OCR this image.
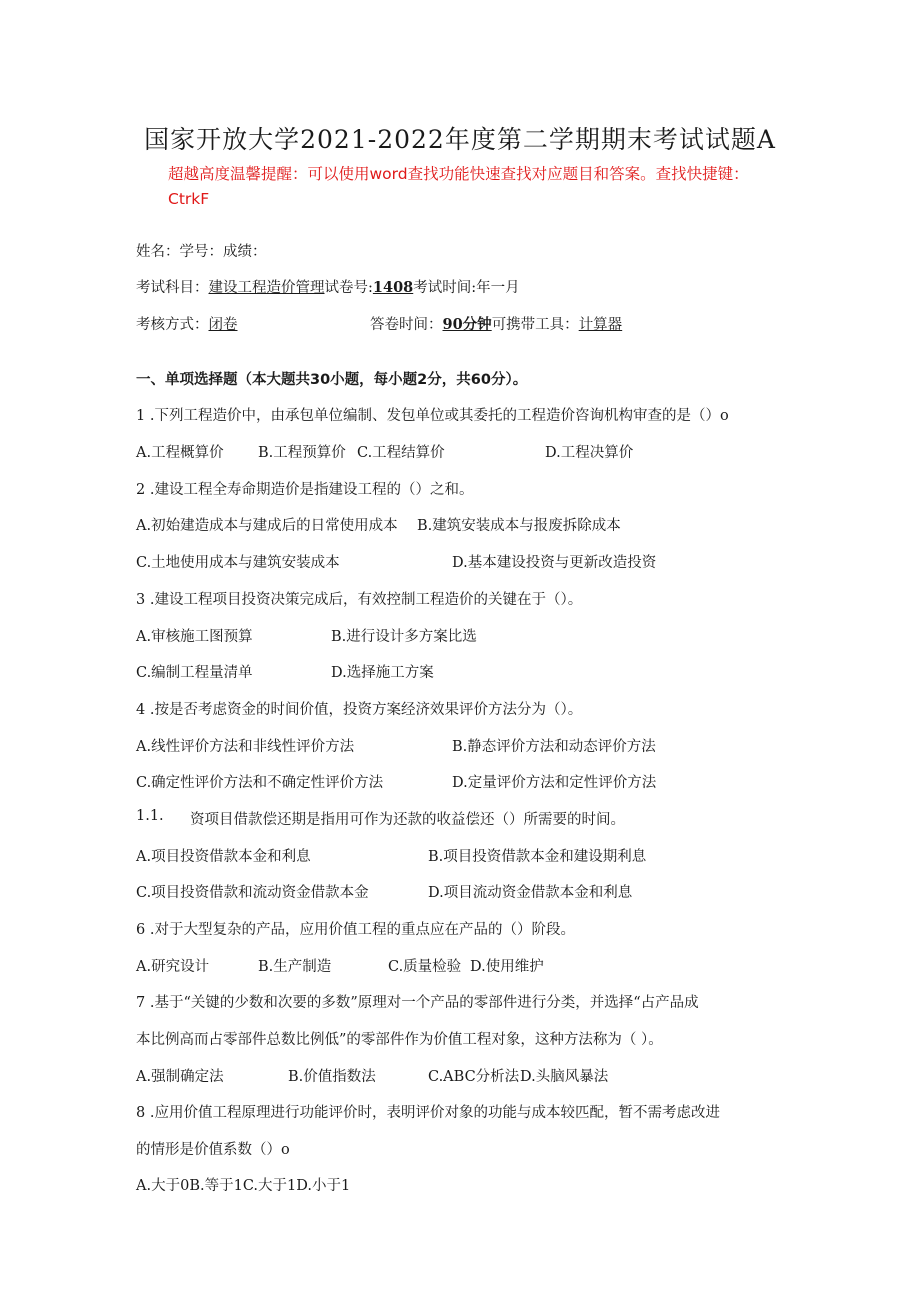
国家开放大学2021-2022年度第二学期期末考试试题A
超越高度温馨提醒：可以使用word查找功能快速查找对应题目和答案。查找快捷键：CtrkF
姓名：学号：成绩：
考试科目：建设工程造价管理试卷号:1408考试时间:年一月
考核方式：闭卷	答卷时间：90分钟可携带工具：计算器
一、单项选择题（本大题共30小题，每小题2分，共60分）。
1 .下列工程造价中，由承包单位编制、发包单位或其委托的工程造价咨询机构审查的是（）o
A.工程概算价 B.工程预算价 C.工程结算价	D.工程决算价
2 .建设工程全寿命期造价是指建设工程的（）之和。
A.初始建造成本与建成后的日常使用成本 B.建筑安装成本与报废拆除成本
C.土地使用成本与建筑安装成本	D.基本建设投资与更新改造投资
3 .建设工程项目投资决策完成后，有效控制工程造价的关键在于（）。
A.审核施工图预算	B.进行设计多方案比选
C.编制工程量清单	D.选择施工方案
4 .按是否考虑资金的时间价值，投资方案经济效果评价方法分为（）。
A.线性评价方法和非线性评价方法	B.静态评价方法和动态评价方法
C.确定性评价方法和不确定性评价方法	D.定量评价方法和定性评价方法
1.1. 资项目借款偿还期是指用可作为还款的收益偿还（）所需要的时间。
A.项目投资借款本金和利息	B.项目投资借款本金和建设期利息
C.项目投资借款和流动资金借款本金	D.项目流动资金借款本金和利息
6 .对于大型复杂的产品，应用价值工程的重点应在产品的（）阶段。
A.研究设计	B.生产制造	C.质量检验 D.使用维护
7 .基于“关键的少数和次要的多数”原理对一个产品的零部件进行分类，并选择“占产品成
本比例高而占零部件总数比例低”的零部件作为价值工程对象，这种方法称为（ ）。
A.强制确定法	B.价值指数法	C.ABC分析法 D.头脑风暴法
8 .应用价值工程原理进行功能评价时，表明评价对象的功能与成本较匹配，暂不需考虑改进
的情形是价值系数（）o
A.大于0B.等于1C.大于1D.小于1
